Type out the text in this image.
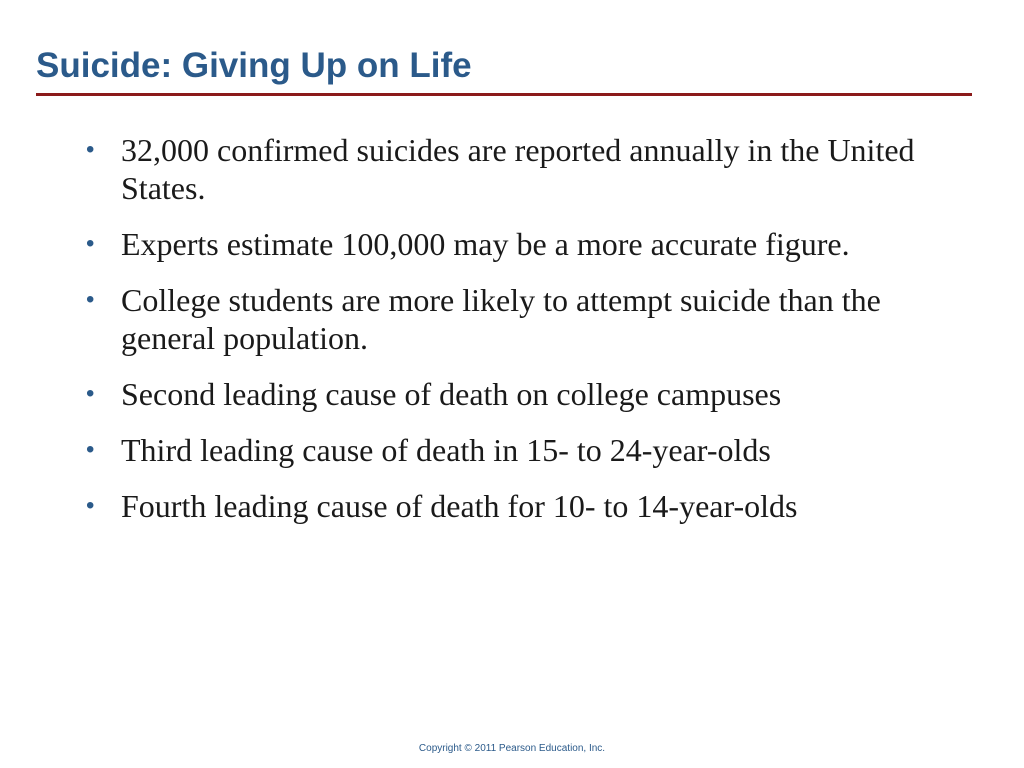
Suicide: Giving Up on Life
• 32,000 confirmed suicides are reported annually in the United States.
• Experts estimate 100,000 may be a more accurate figure.
• College students are more likely to attempt suicide than the general population.
• Second leading cause of death on college campuses
• Third leading cause of death in 15- to 24-year-olds
• Fourth leading cause of death for 10- to 14-year-olds
Copyright © 2011 Pearson Education, Inc.
